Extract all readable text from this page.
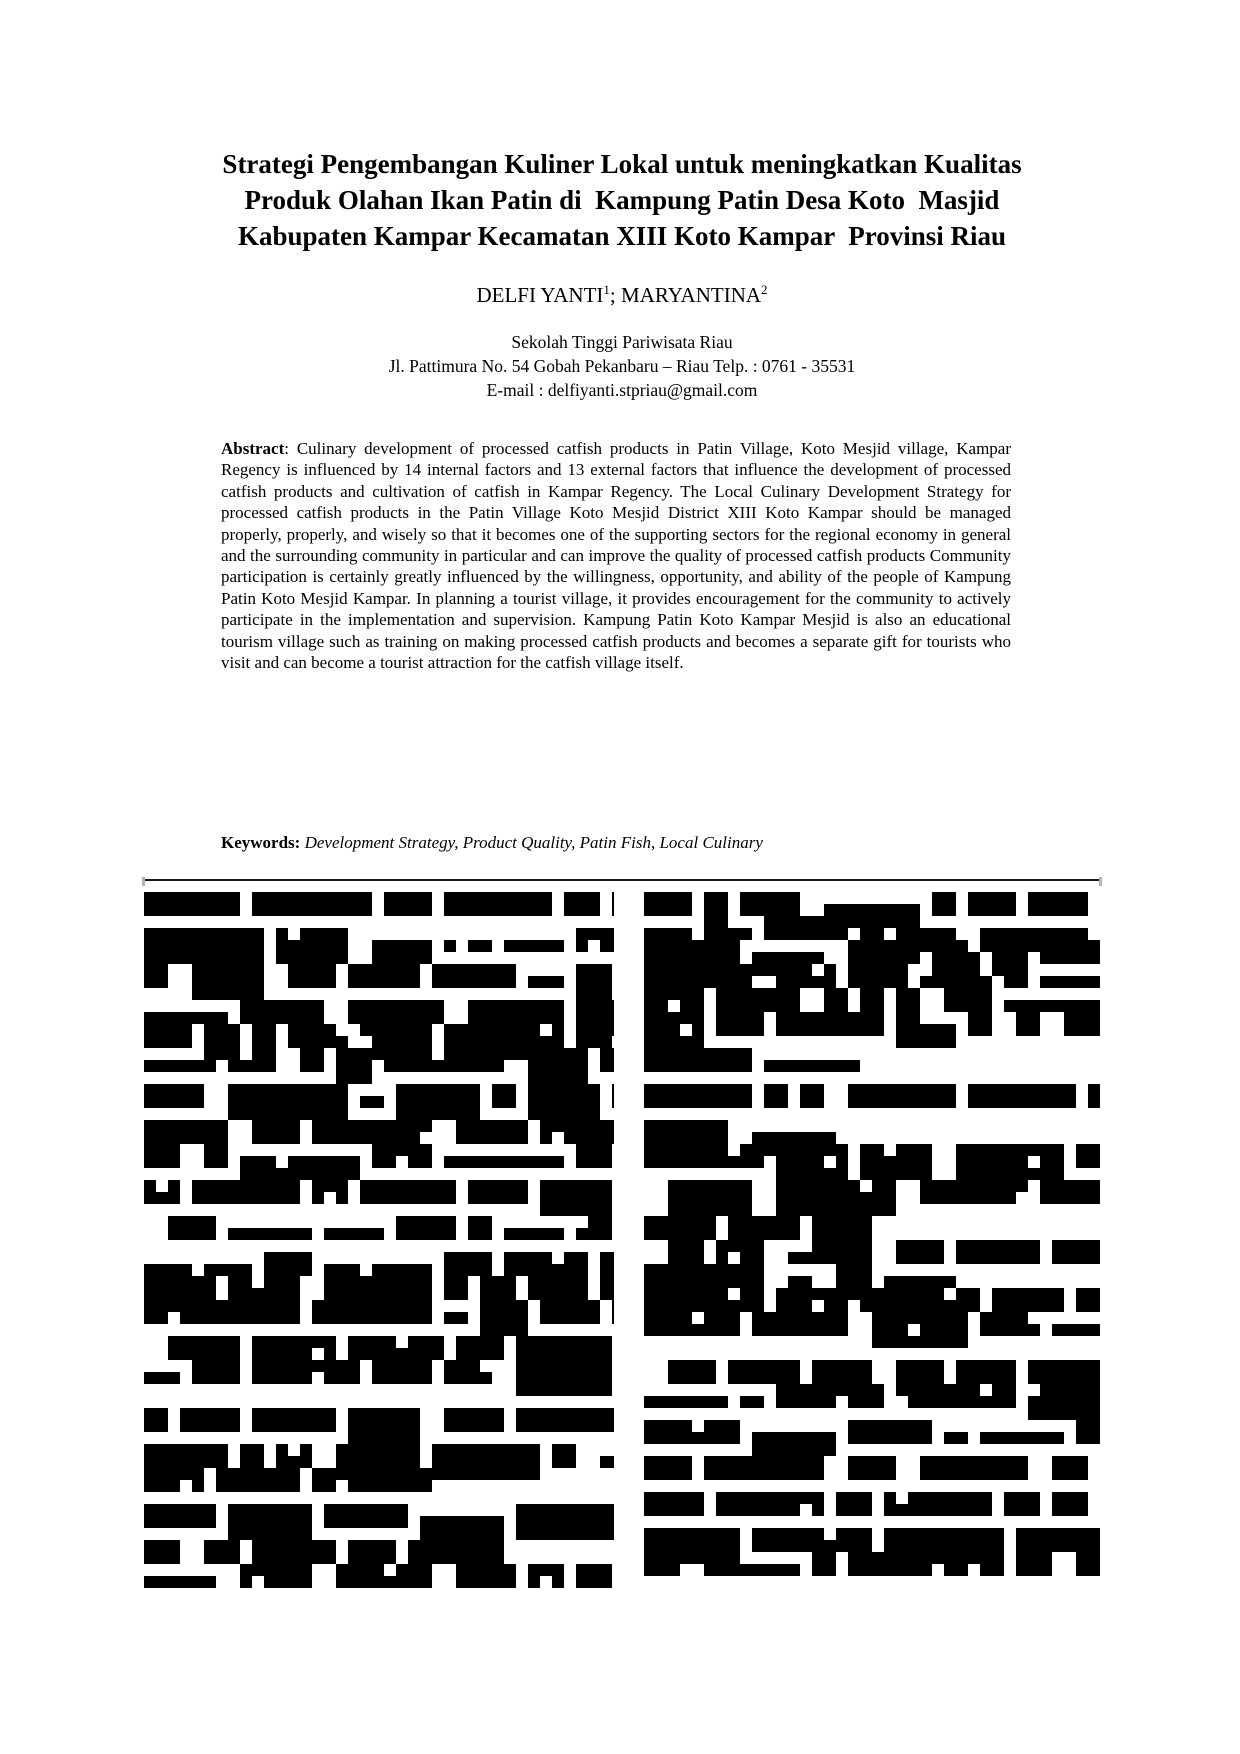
Strategi Pengembangan Kuliner Lokal untuk meningkatkan Kualitas
Produk Olahan Ikan Patin di  Kampung Patin Desa Koto  Masjid
Kabupaten Kampar Kecamatan XIII Koto Kampar  Provinsi Riau
DELFI YANTI$^1$; MARYANTINA$^2$
Sekolah Tinggi Pariwisata Riau
Jl. Pattimura No. 54 Gobah Pekanbaru – Riau Telp. : 0761 - 35531
E-mail : delfiyanti.stpriau@gmail.com

Abstract: Culinary development of processed catfish products in Patin Village, Koto Mesjid village, Kampar Regency is influenced by 14 internal factors and 13 external factors that influence the development of processed catfish products and cultivation of catfish in Kampar Regency. The Local Culinary Development Strategy for processed catfish products in the Patin Village Koto Mesjid District XIII Koto Kampar should be managed properly, properly, and wisely so that it becomes one of the supporting sectors for the regional economy in general and the surrounding community in particular and can improve the quality of processed catfish products Community participation is certainly greatly influenced by the willingness, opportunity, and ability of the people of Kampung Patin Koto Mesjid Kampar. In planning a tourist village, it provides encouragement for the community to actively participate in the implementation and supervision. Kampung Patin Koto Kampar Mesjid is also an educational tourism village such as training on making processed catfish products and becomes a separate gift for tourists who visit and can become a tourist attraction for the catfish village itself.

Keywords: Development Strategy, Product Quality, Patin Fish, Local Culinary
